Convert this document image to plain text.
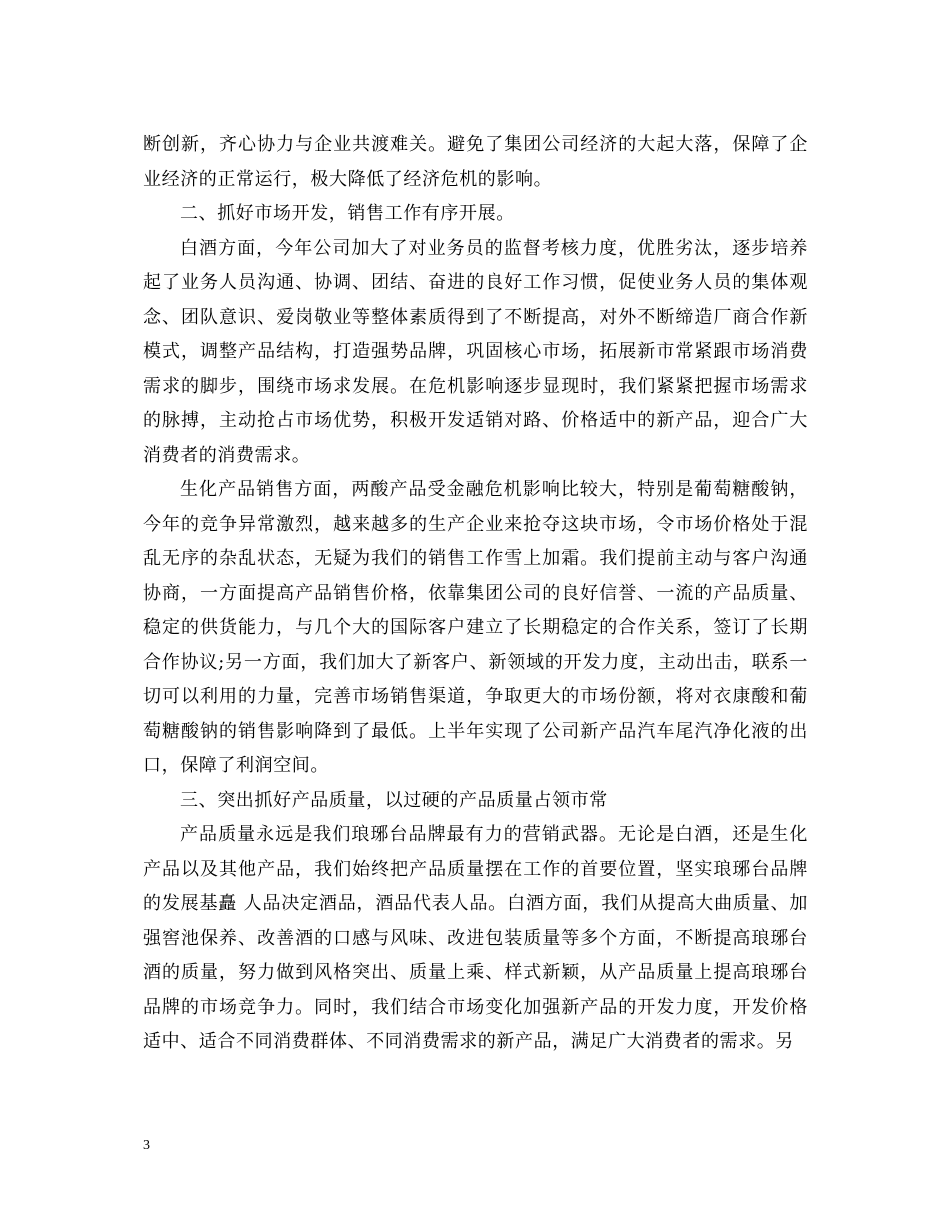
断创新，齐心协力与企业共渡难关。避免了集团公司经济的大起大落，保障了企业经济的正常运行，极大降低了经济危机的影响。

二、抓好市场开发，销售工作有序开展。

白酒方面，今年公司加大了对业务员的监督考核力度，优胜劣汰，逐步培养起了业务人员沟通、协调、团结、奋进的良好工作习惯，促使业务人员的集体观念、团队意识、爱岗敬业等整体素质得到了不断提高，对外不断缔造厂商合作新模式，调整产品结构，打造强势品牌，巩固核心市场，拓展新市常紧跟市场消费需求的脚步，围绕市场求发展。在危机影响逐步显现时，我们紧紧把握市场需求的脉搏，主动抢占市场优势，积极开发适销对路、价格适中的新产品，迎合广大消费者的消费需求。

生化产品销售方面，两酸产品受金融危机影响比较大，特别是葡萄糖酸钠，今年的竞争异常激烈，越来越多的生产企业来抢夺这块市场，令市场价格处于混乱无序的杂乱状态，无疑为我们的销售工作雪上加霜。我们提前主动与客户沟通协商，一方面提高产品销售价格，依靠集团公司的良好信誉、一流的产品质量、稳定的供货能力，与几个大的国际客户建立了长期稳定的合作关系，签订了长期合作协议;另一方面，我们加大了新客户、新领域的开发力度，主动出击，联系一切可以利用的力量，完善市场销售渠道，争取更大的市场份额，将对衣康酸和葡萄糖酸钠的销售影响降到了最低。上半年实现了公司新产品汽车尾汽净化液的出口，保障了利润空间。

三、突出抓好产品质量，以过硬的产品质量占领市常

产品质量永远是我们琅琊台品牌最有力的营销武器。无论是白酒，还是生化产品以及其他产品，我们始终把产品质量摆在工作的首要位置，坚实琅琊台品牌的发展基矗 人品决定酒品，酒品代表人品。白酒方面，我们从提高大曲质量、加强窖池保养、改善酒的口感与风味、改进包装质量等多个方面，不断提高琅琊台酒的质量，努力做到风格突出、质量上乘、样式新颖，从产品质量上提高琅琊台品牌的市场竞争力。同时，我们结合市场变化加强新产品的开发力度，开发价格适中、适合不同消费群体、不同消费需求的新产品，满足广大消费者的需求。另

3
